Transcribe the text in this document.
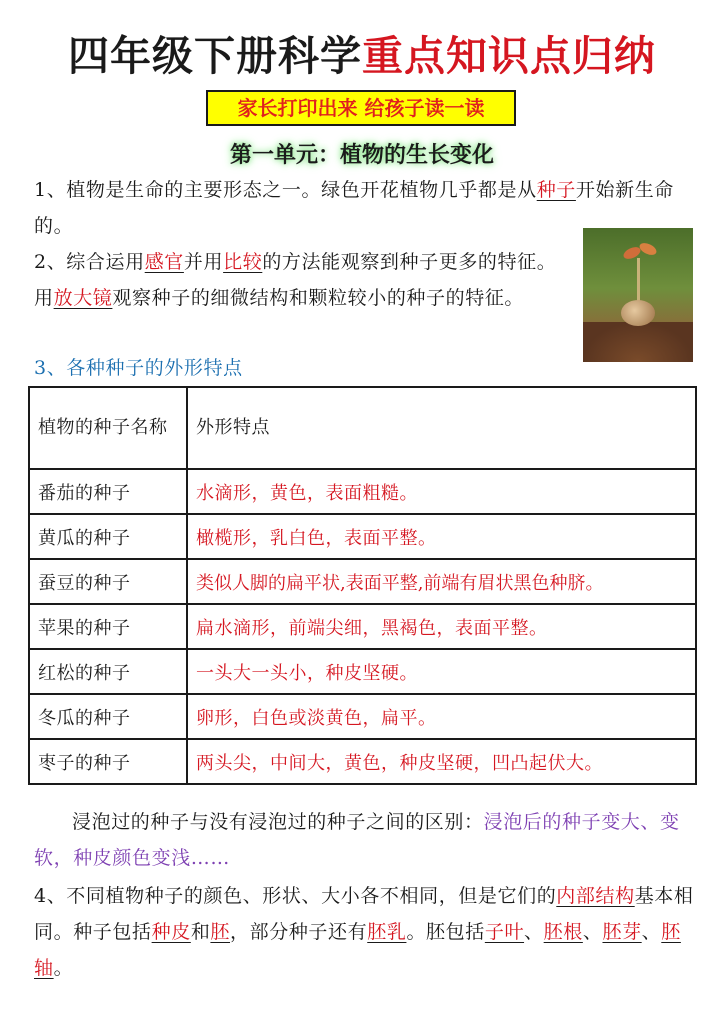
四年级下册科学重点知识点归纳
家长打印出来 给孩子读一读
第一单元：植物的生长变化
1、植物是生命的主要形态之一。绿色开花植物几乎都是从种子开始新生命的。
2、综合运用感官并用比较的方法能观察到种子更多的特征。用放大镜观察种子的细微结构和颗粒较小的种子的特征。
3、各种种子的外形特点
植物的种子名称	外形特点
番茄的种子	水滴形，黄色，表面粗糙。
黄瓜的种子	橄榄形，乳白色，表面平整。
蚕豆的种子	类似人脚的扁平状,表面平整,前端有眉状黑色种脐。
苹果的种子	扁水滴形，前端尖细，黑褐色，表面平整。
红松的种子	一头大一头小，种皮坚硬。
冬瓜的种子	卵形，白色或淡黄色，扁平。
枣子的种子	两头尖，中间大，黄色，种皮坚硬，凹凸起伏大。
浸泡过的种子与没有浸泡过的种子之间的区别：浸泡后的种子变大、变软，种皮颜色变浅……
4、不同植物种子的颜色、形状、大小各不相同，但是它们的内部结构基本相同。种子包括种皮和胚，部分种子还有胚乳。胚包括子叶、胚根、胚芽、胚轴。
